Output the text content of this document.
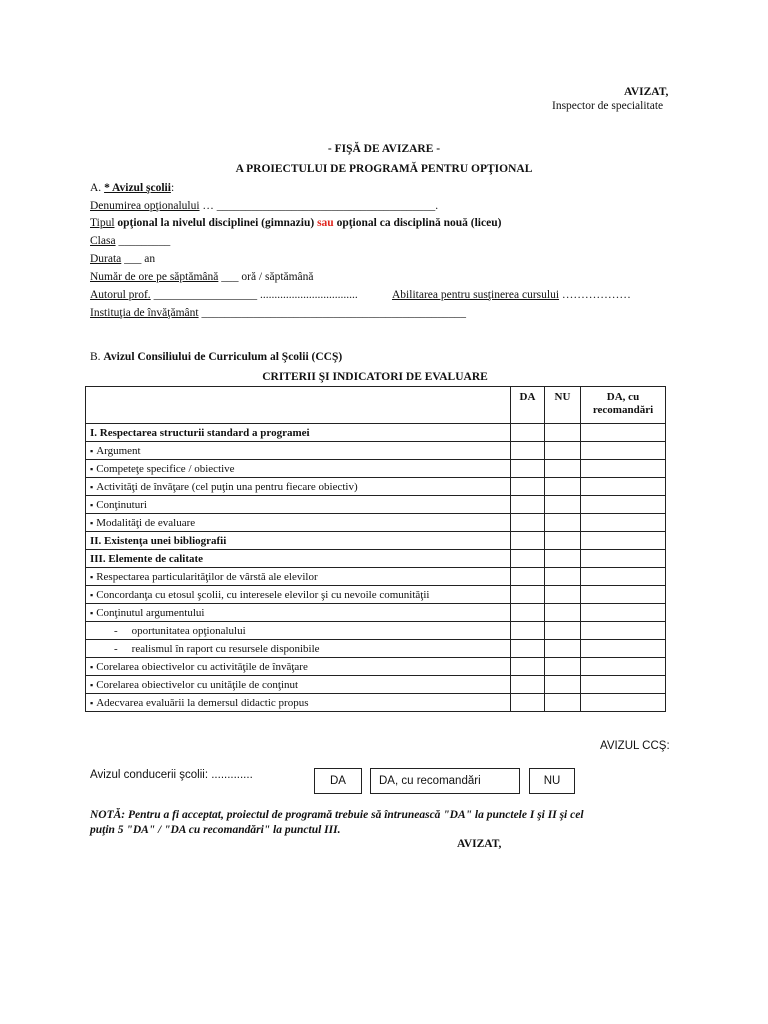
AVIZAT,
Inspector de specialitate
- FIŞĂ DE AVIZARE -
A PROIECTULUI DE PROGRAMĂ PENTRU OPŢIONAL
A. * Avizul şcolii:
Denumirea opţionalului … ______________________________________.
Tipul opţional la nivelul disciplinei (gimnaziu) sau opţional ca disciplină nouă (liceu)
Clasa _________
Durata ___ an
Număr de ore pe săptămână ___ oră / săptămână
Autorul prof. __________________ ..................................	Abilitarea pentru susţinerea cursului ………………
Instituţia de învăţământ ______________________________________________
B. Avizul Consiliului de Curriculum al Şcolii (CCŞ)
CRITERII ŞI INDICATORI DE EVALUARE
	DA	NU	DA, cu
recomandări
I. Respectarea structurii standard a programei			
▪ Argument			
▪ Competeţe specifice / obiective			
▪ Activităţi de învăţare (cel puţin una pentru fiecare obiectiv)			
▪ Conţinuturi			
▪ Modalităţi de evaluare			
II. Existenţa unei bibliografii			
III. Elemente de calitate			
▪ Respectarea particularităţilor de vârstă ale elevilor			
▪ Concordanţa cu etosul şcolii, cu interesele elevilor şi cu nevoile comunităţii			
▪ Conţinutul argumentului			
- oportunitatea opţionalului			
- realismul în raport cu resursele disponibile			
▪ Corelarea obiectivelor cu activităţile de învăţare			
▪ Corelarea obiectivelor cu unităţile de conţinut			
▪ Adecvarea evaluării la demersul didactic propus			
AVIZUL CCŞ:
Avizul conducerii şcolii: .............	DA	DA, cu recomandări	NU
NOTĂ: Pentru a fi acceptat, proiectul de programă trebuie să întrunească "DA" la punctele I şi II şi cel
puţin 5 "DA" / "DA cu recomandări" la punctul III.
AVIZAT,
